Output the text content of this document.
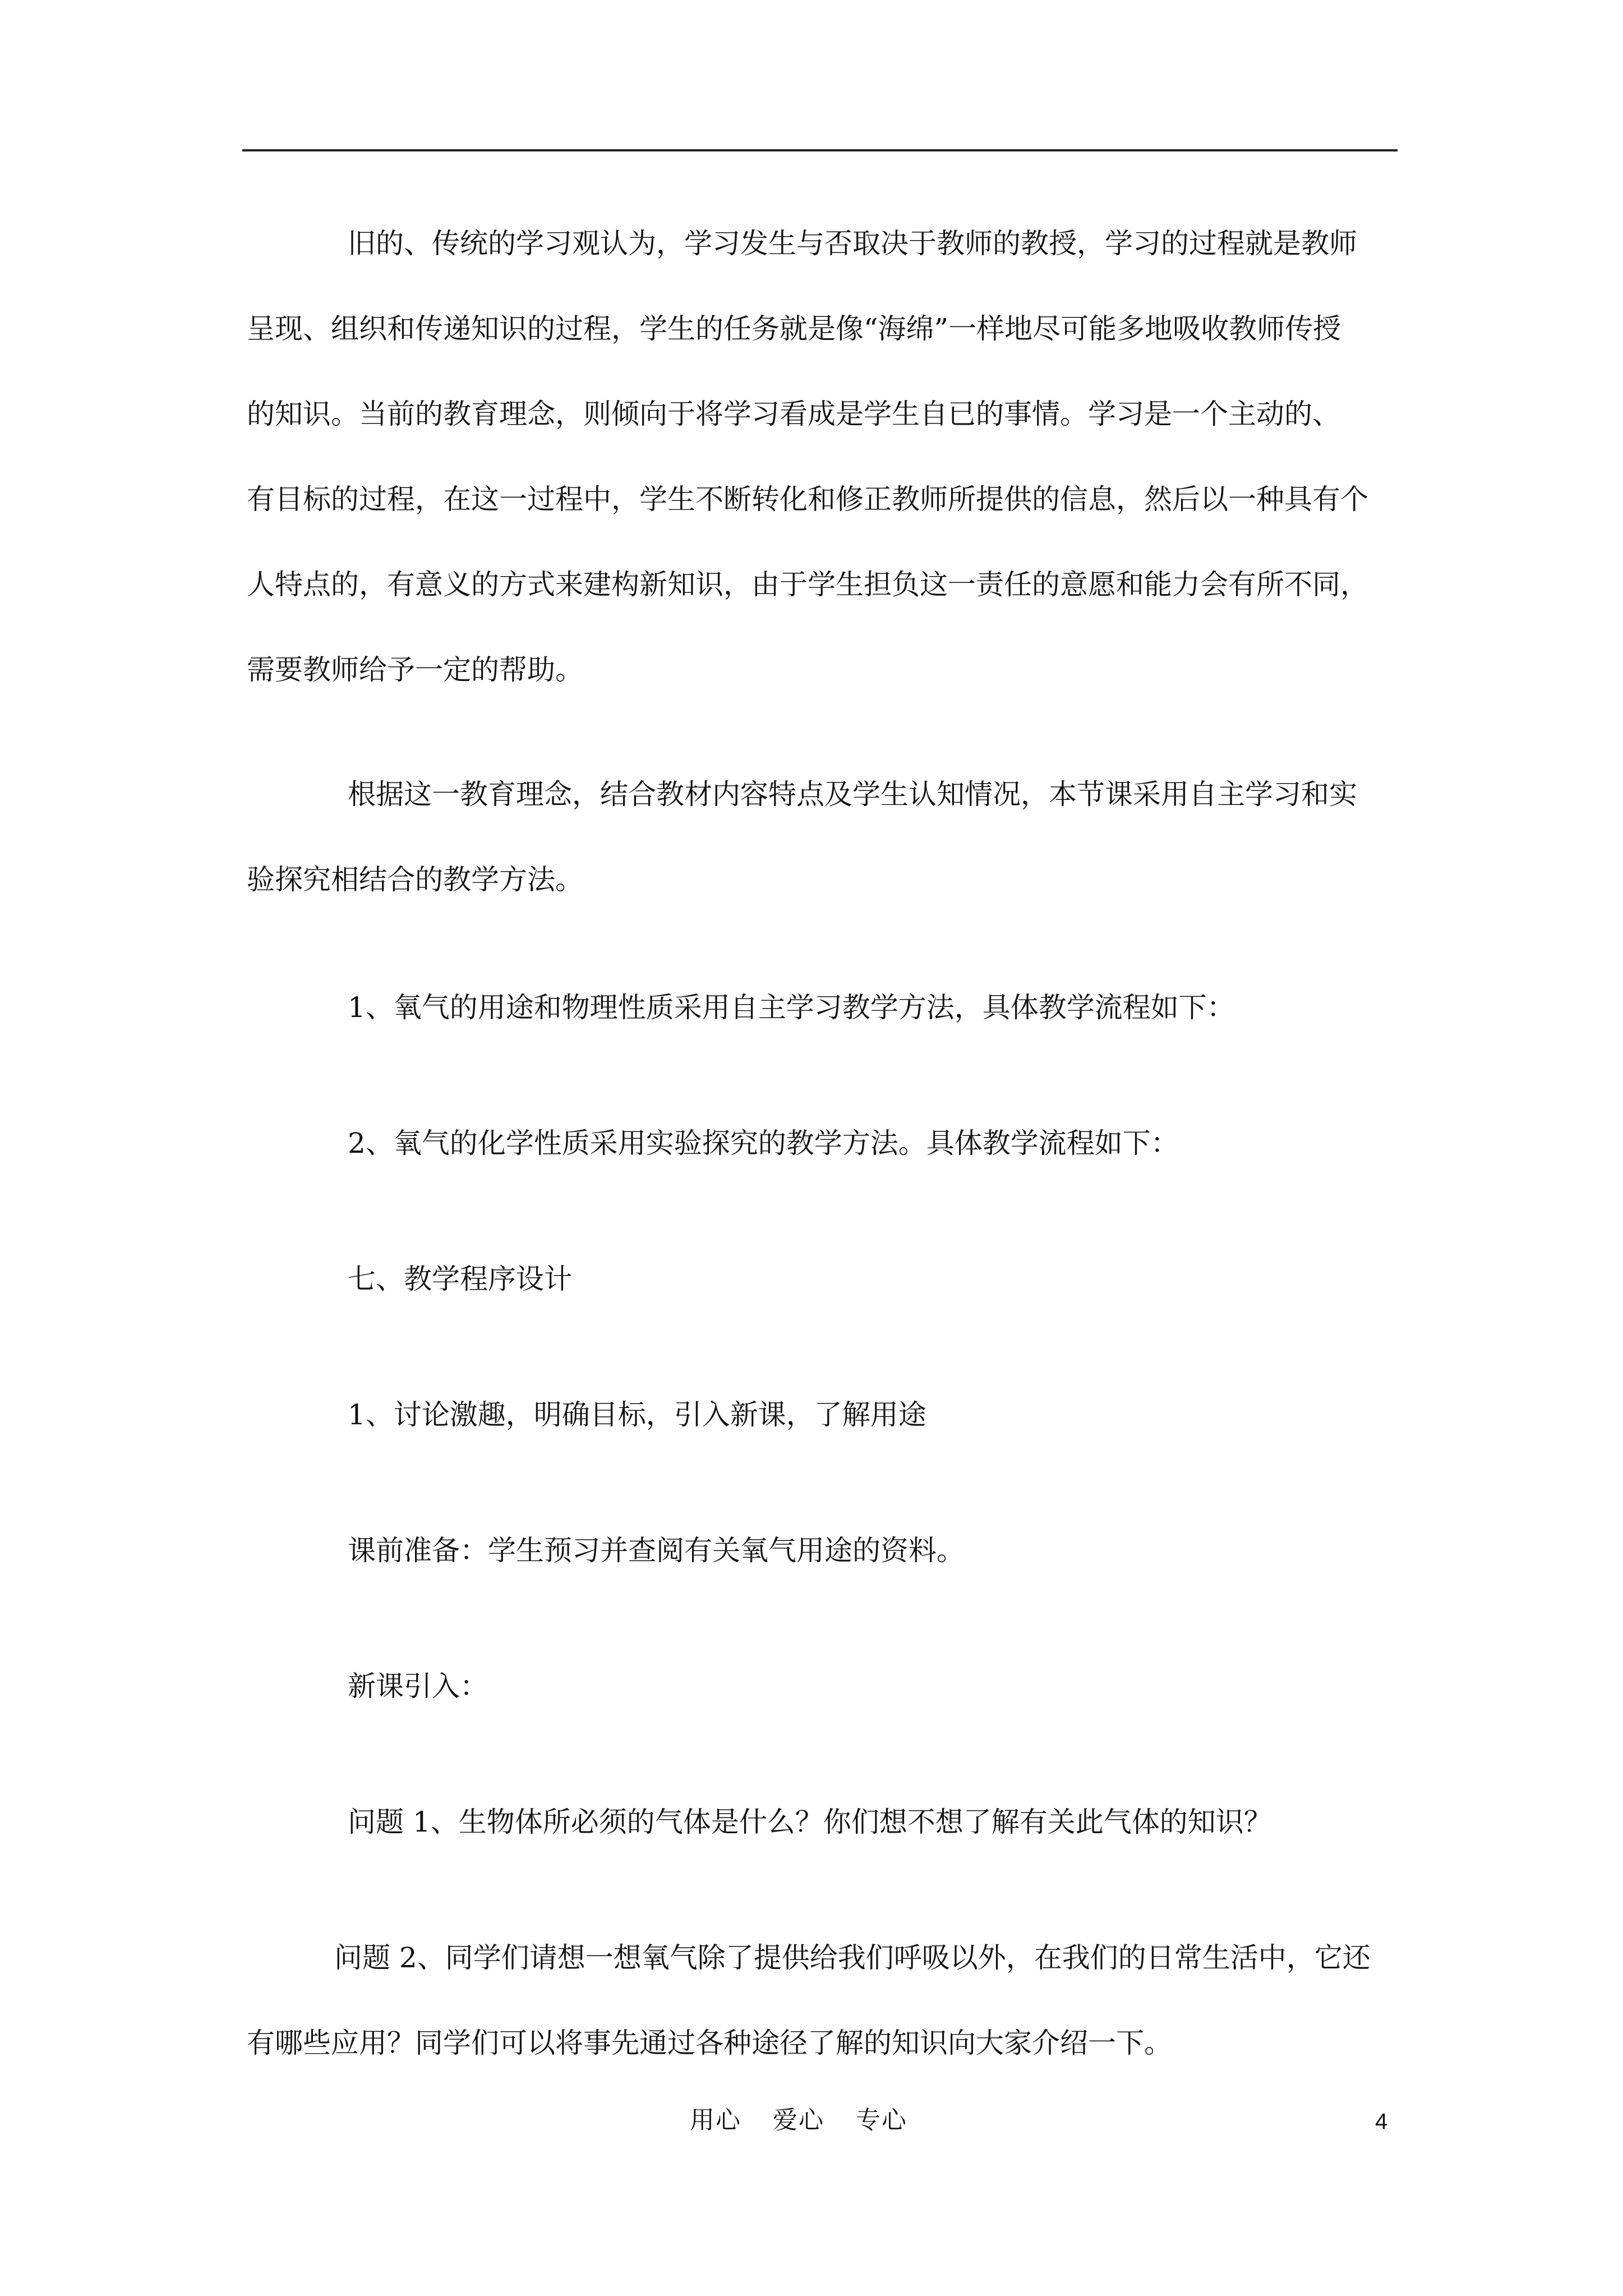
旧的、传统的学习观认为，学习发生与否取决于教师的教授，学习的过程就是教师
呈现、组织和传递知识的过程，学生的任务就是像“海绵”一样地尽可能多地吸收教师传授
的知识。当前的教育理念，则倾向于将学习看成是学生自已的事情。学习是一个主动的、
有目标的过程，在这一过程中，学生不断转化和修正教师所提供的信息，然后以一种具有个
人特点的，有意义的方式来建构新知识，由于学生担负这一责任的意愿和能力会有所不同，
需要教师给予一定的帮助。

根据这一教育理念，结合教材内容特点及学生认知情况，本节课采用自主学习和实
验探究相结合的教学方法。

1、氧气的用途和物理性质采用自主学习教学方法，具体教学流程如下：

2、氧气的化学性质采用实验探究的教学方法。具体教学流程如下：

七、教学程序设计

1、讨论激趣，明确目标，引入新课，了解用途

课前准备：学生预习并查阅有关氧气用途的资料。

新课引入：

问题 1、生物体所必须的气体是什么？你们想不想了解有关此气体的知识？

问题 2、同学们请想一想氧气除了提供给我们呼吸以外，在我们的日常生活中，它还
有哪些应用？同学们可以将事先通过各种途径了解的知识向大家介绍一下。

用心 爱心 专心	4
